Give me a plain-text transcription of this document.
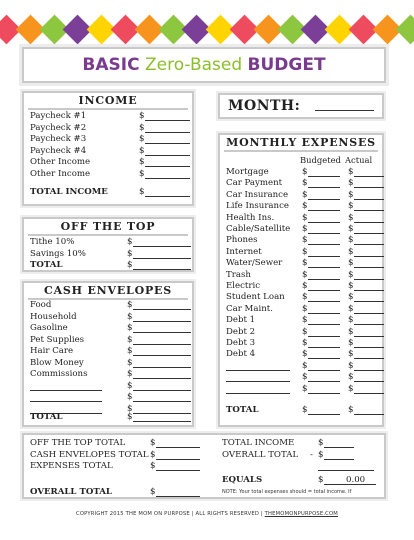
BASIC Zero-Based BUDGET
INCOME
Paycheck #1	$
Paycheck #2	$
Paycheck #3	$
Paycheck #4	$
Other Income	$
Other Income	$
TOTAL INCOME	$
OFF THE TOP
Tithe 10%	$
Savings 10%	$
TOTAL	$
CASH ENVELOPES
Food	$
Household	$
Gasoline	$
Pet Supplies	$
Hair Care	$
Blow Money	$
Commissions	$
$
$
$
TOTAL	$
MONTH:
MONTHLY EXPENSES
Budgeted Actual
Mortgage	$	$
Car Payment $	$
Car Insurance $	$
Life Insurance $	$
Health Ins.	$	$
Cable/Satellite $	$
Phones	$	$
Internet	$	$
Water/Sewer $	$
Trash	$	$
Electric	$	$
Student Loan $	$
Car Maint.	$	$
Debt 1	$	$
Debt 2	$	$
Debt 3	$	$
Debt 4	$	$
$	$
$	$
$	$
TOTAL	$	$
OFF THE TOP TOTAL	$
CASH ENVELOPES TOTAL $
EXPENSES TOTAL	$
OVERALL TOTAL	$
TOTAL INCOME	$
OVERALL TOTAL $
-
EQUALS	$	0.00
NOTE: Your total expenses should = total income. If
COPYRIGHT 2015 THE MOM ON PURPOSE | ALL RIGHTS RESERVED | THEMOMONPURPOSE.COM
